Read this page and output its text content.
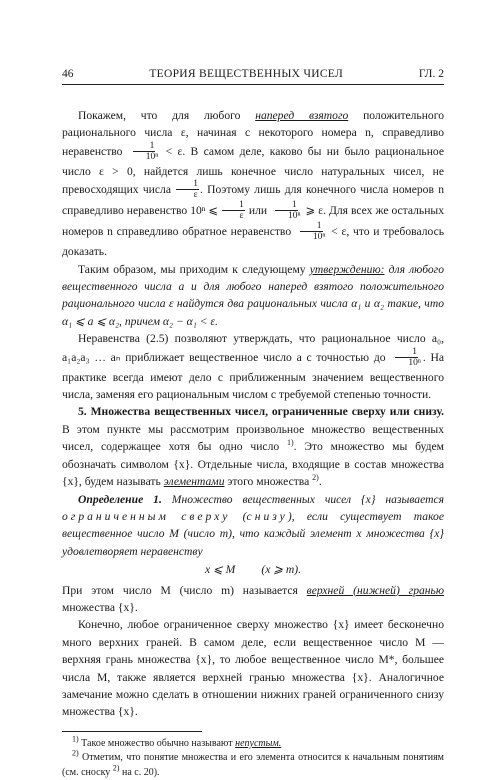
46	ТЕОРИЯ ВЕЩЕСТВЕННЫХ ЧИСЕЛ	ГЛ. 2

Покажем, что для любого наперед взятого положительного рационального числа ε, начиная с некоторого номера n, справедливо неравенство $\frac{1}{\text{10ⁿ}} < \varepsilon$. В самом деле, каково бы ни было рациональное число ε > 0, найдется лишь конечное число натуральных чисел, не превосходящих числа $\frac{1}{\varepsilon}$ . Поэтому лишь для конечного числа номеров n справедливо неравенство 10ⁿ ⩽ $\frac{1}{\varepsilon}$ или $\frac{1}{\text{10ⁿ}}$ ⩾ ε. Для всех же остальных номеров n справедливо обратное неравенство $\frac{1}{\text{10ⁿ}} < \varepsilon$, что и требовалось доказать.

Таким образом, мы приходим к следующему утверждению: для любого вещественного числа a и для любого наперед взятого положительного рационального числа ε найдутся два рациональных числа α₁ и α₂ такие, что α₁ ⩽ a ⩽ α₂, причем α₂ − α₁ < ε.

Неравенства (2.5) позволяют утверждать, что рациональное число a₀, a₁a₂a₃ … aₙ приближает вещественное число a с точностью до $\frac{1}{\text{10ⁿ}}$ . На практике всегда имеют дело с приближенным значением вещественного числа, заменяя его рациональным числом с требуемой степенью точности.

5. Множества вещественных чисел, ограниченные сверху или снизу. В этом пункте мы рассмотрим произвольное множество вещественных чисел, содержащее хотя бы одно число $^{1)}$. Это множество мы будем обозначать символом {x}. Отдельные числа, входящие в состав множества {x}, будем называть элементами этого множества $^{2)}$.

Определение 1. Множество вещественных чисел {x} называется ограниченным сверху (снизу), если существует такое вещественное число M (число m), что каждый элемент x множества {x} удовлетворяет неравенству

x ⩽ M (x ⩾ m).

При этом число M (число m) называется верхней (нижней) гранью множества {x}.

Конечно, любое ограниченное сверху множество {x} имеет бесконечно много верхних граней. В самом деле, если вещественное число M — верхняя грань множества {x}, то любое вещественное число M*, большее числа M, также является верхней гранью множества {x}. Аналогичное замечание можно сделать в отношении нижних граней ограниченного снизу множества {x}.

$^{1)}$ Такое множество обычно называют непустым.

$^{2)}$ Отметим, что понятие множества и его элемента относится к начальным понятиям (см. сноску $^{2)}$ на с. 20).
